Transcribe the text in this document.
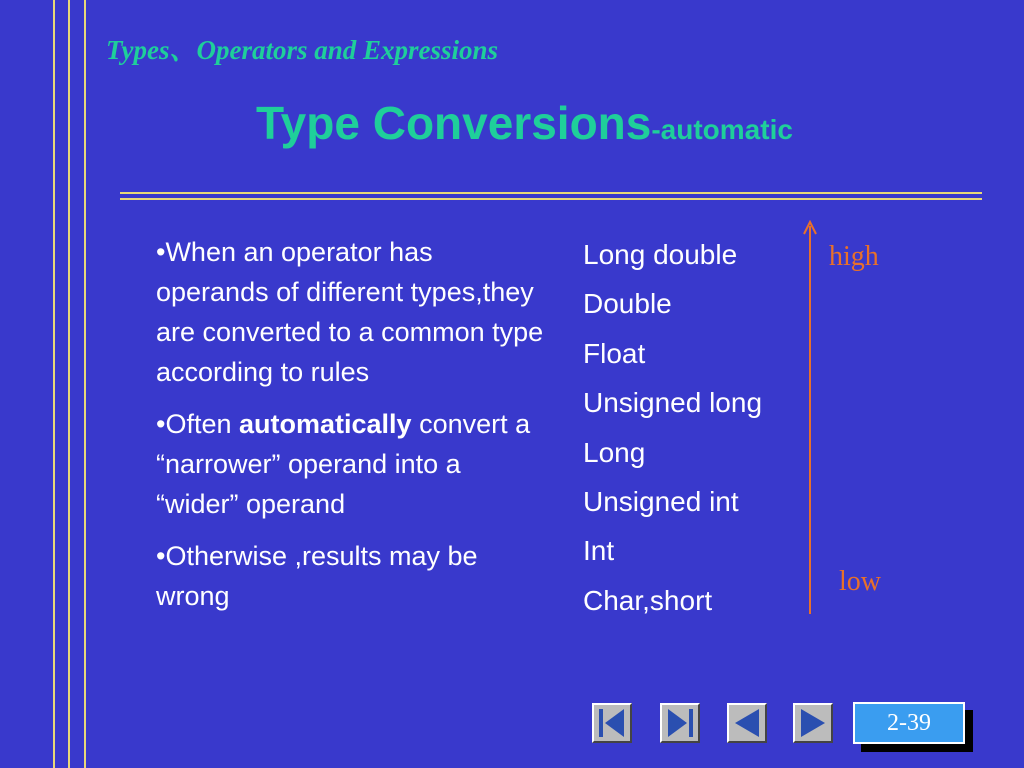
Types、Operators and Expressions
Type Conversions-automatic
•When an operator has operands of different types,they are converted to a common type according to rules
•Often automatically convert a “narrower” operand into a “wider” operand
•Otherwise ,results may be wrong
Long double
Double
Float
Unsigned long
Long
Unsigned int
Int
Char,short
high
low
2-39
